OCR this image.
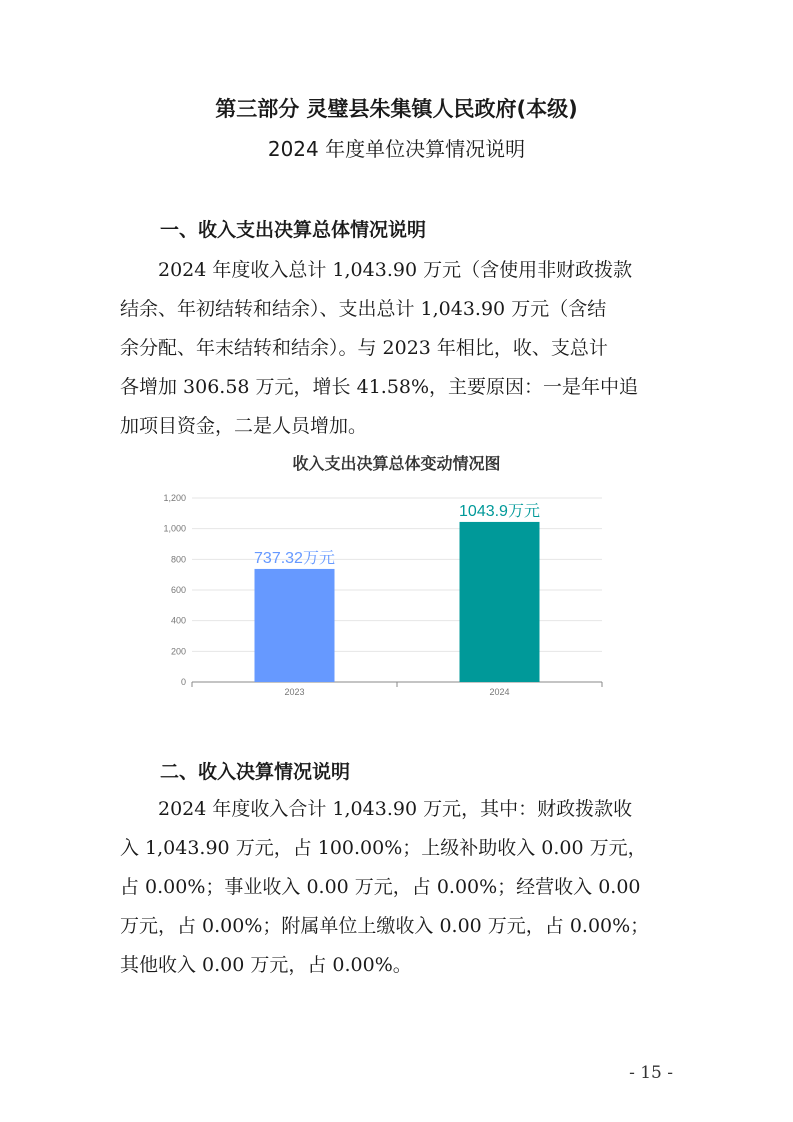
第三部分 灵璧县朱集镇人民政府(本级)
2024 年度单位决算情况说明
一、收入支出决算总体情况说明
2024 年度收入总计 1,043.90 万元（含使用非财政拨款
结余、年初结转和结余）、支出总计 1,043.90 万元（含结
余分配、年末结转和结余）。与 2023 年相比，收、支总计
各增加 306.58 万元，增长 41.58%，主要原因：一是年中追
加项目资金，二是人员增加。
收入支出决算总体变动情况图
0
200
400
600
800
1,000
1,200
737.32万元
2023
1043.9万元
2024
二、收入决算情况说明
2024 年度收入合计 1,043.90 万元，其中：财政拨款收
入 1,043.90 万元，占 100.00%；上级补助收入 0.00 万元，
占 0.00%；事业收入 0.00 万元，占 0.00%；经营收入 0.00
万元，占 0.00%；附属单位上缴收入 0.00 万元，占 0.00%；
其他收入 0.00 万元，占 0.00%。
- 15 -
